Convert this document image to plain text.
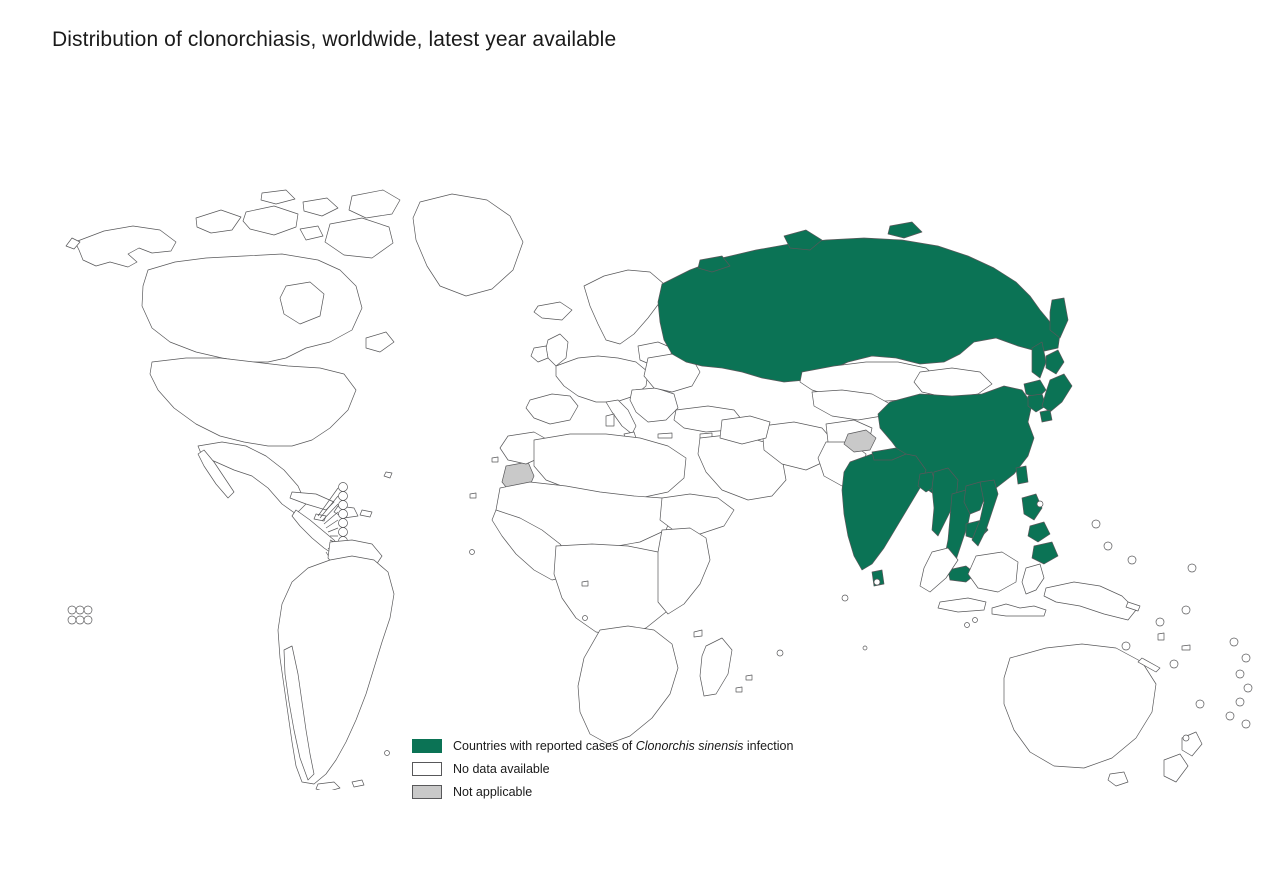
Distribution of clonorchiasis, worldwide, latest year available
Countries with reported cases of Clonorchis sinensis infection
No data available
Not applicable
